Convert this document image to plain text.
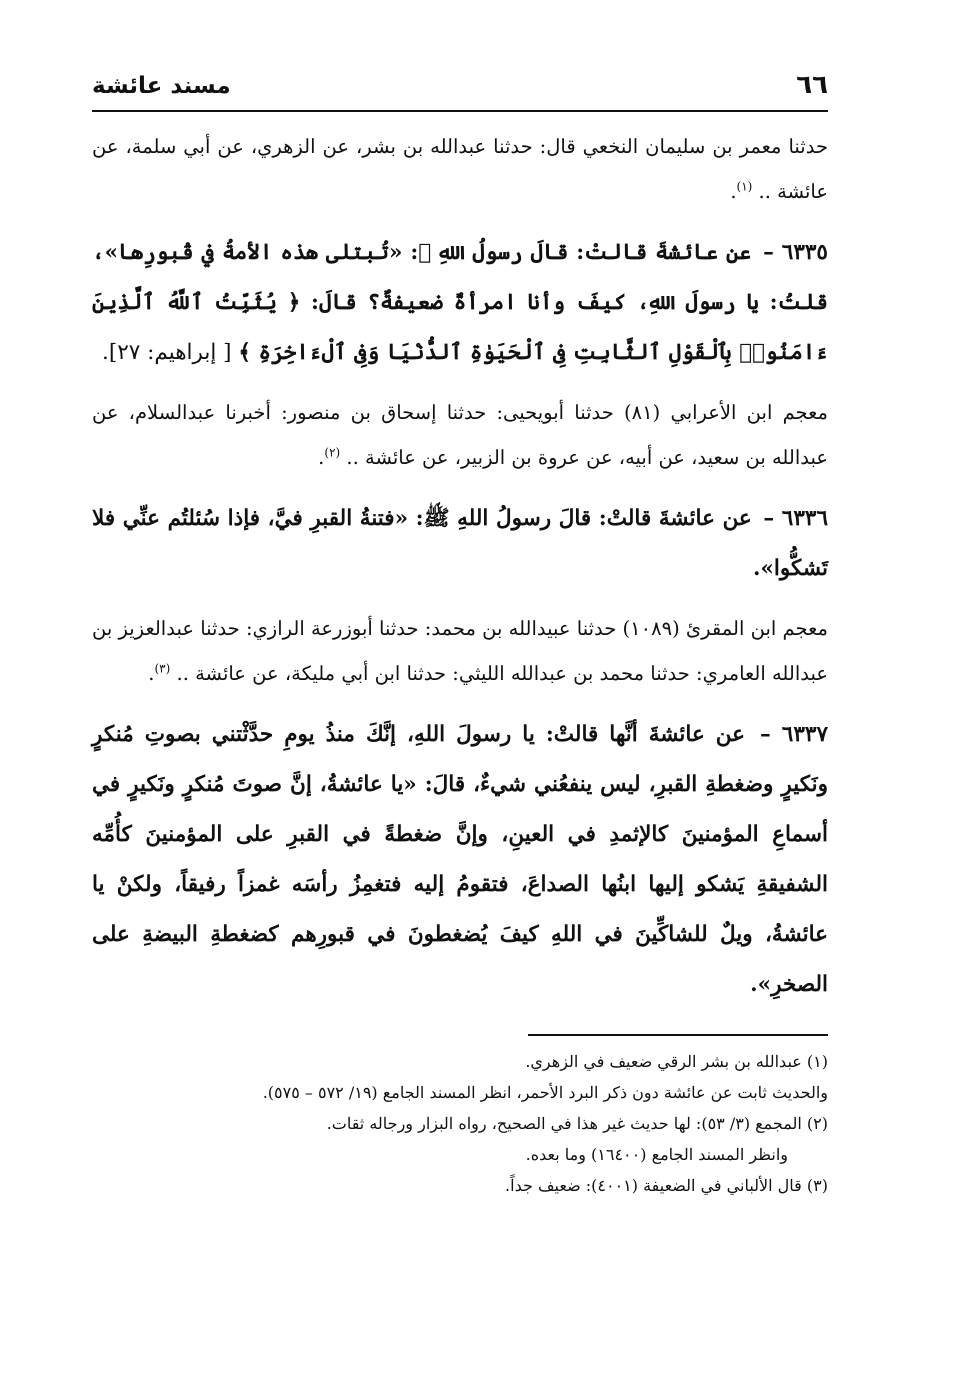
٦٦
مسند عائشة

حدثنا معمر بن سليمان النخعي قال: حدثنا عبدالله بن بشر، عن الزهري، عن أبي سلمة، عن عائشة .. $^{(١)}$.

٦٣٣٥ – عن عائشةَ قالتْ: قالَ رسولُ اللهِ ﷺ: «تُبتلى هذه الأمةُ في قُبورِها»، قلتُ: يا رسولَ اللهِ، كيفَ وأنا امرأةٌ ضعيفةٌ؟ قالَ: ﴿ يُثَبِّتُ ٱللَّهُ ٱلَّذِينَ ءَامَنُوا۟ بِٱلْقَوْلِ ٱلثَّابِتِ فِى ٱلْحَيَوٰةِ ٱلدُّنْيَا وَفِى ٱلْءَاخِرَةِ ﴾ [ إبراهيم: ٢٧].

معجم ابن الأعرابي (٨١) حدثنا أبويحيى: حدثنا إسحاق بن منصور: أخبرنا عبدالسلام، عن عبدالله بن سعيد، عن أبيه، عن عروة بن الزبير، عن عائشة .. $^{(٢)}$.

٦٣٣٦ – عن عائشةَ قالتْ: قالَ رسولُ اللهِ ﷺ: «فتنةُ القبرِ فيَّ، فإذا سُئلتُم عنِّي فلا تَشكُّوا».

معجم ابن المقرئ (١٠٨٩) حدثنا عبيدالله بن محمد: حدثنا أبوزرعة الرازي: حدثنا عبدالعزيز بن عبدالله العامري: حدثنا محمد بن عبدالله الليثي: حدثنا ابن أبي مليكة، عن عائشة .. $^{(٣)}$.

٦٣٣٧ – عن عائشةَ أنَّها قالتْ: يا رسولَ اللهِ، إنَّكَ منذُ يومِ حدَّثْتني بصوتِ مُنكرٍ ونَكيرٍ وضغطةِ القبرِ، ليس ينفعُني شيءٌ، قالَ: «يا عائشةُ، إنَّ صوتَ مُنكرٍ ونَكيرٍ في أسماعِ المؤمنينَ كالإثمدِ في العينِ، وإنَّ ضغطةً في القبرِ على المؤمنينَ كأُمِّه الشفيقةِ يَشكو إليها ابنُها الصداعَ، فتقومُ إليه فتغمِزُ رأسَه غمزاً رفيقاً، ولكنْ يا عائشةُ، ويلٌ للشاكِّينَ في اللهِ كيفَ يُضغطونَ في قبورِهم كضغطةِ البيضةِ على الصخرِ».

(١) عبدالله بن بشر الرقي ضعيف في الزهري.

والحديث ثابت عن عائشة دون ذكر البرد الأحمر، انظر المسند الجامع (١٩/ ٥٧٢ – ٥٧٥).

(٢) المجمع (٣/ ٥٣): لها حديث غير هذا في الصحيح، رواه البزار ورجاله ثقات.

وانظر المسند الجامع (١٦٤٠٠) وما بعده.

(٣) قال الألباني في الضعيفة (٤٠٠١): ضعيف جداً.
